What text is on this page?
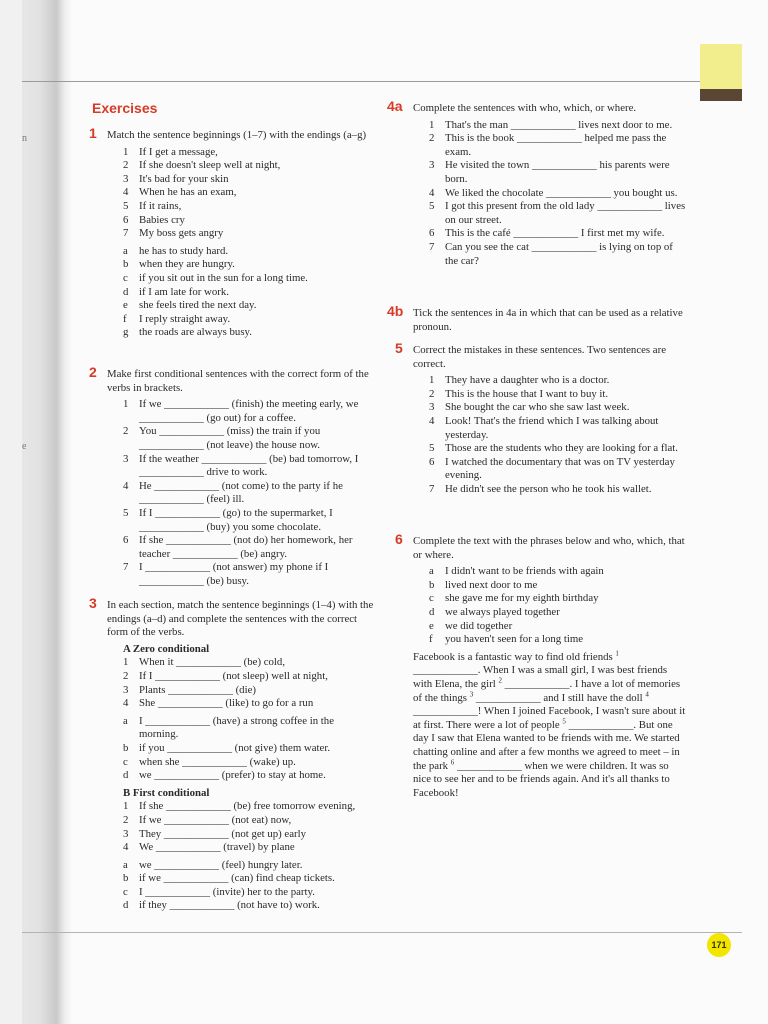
n
e
171
Exercises
1 Match the sentence beginnings (1–7) with the endings (a–g)
1 If I get a message,
2 If she doesn't sleep well at night,
3 It's bad for your skin
4 When he has an exam,
5 If it rains,
6 Babies cry
7 My boss gets angry
a he has to study hard.
b when they are hungry.
c if you sit out in the sun for a long time.
d if I am late for work.
e she feels tired the next day.
f I reply straight away.
g the roads are always busy.
2 Make first conditional sentences with the correct form of the verbs in brackets.
1 If we ____________ (finish) the meeting early, we ____________ (go out) for a coffee.
2 You ____________ (miss) the train if you ____________ (not leave) the house now.
3 If the weather ____________ (be) bad tomorrow, I ____________ drive to work.
4 He ____________ (not come) to the party if he ____________ (feel) ill.
5 If I ____________ (go) to the supermarket, I ____________ (buy) you some chocolate.
6 If she ____________ (not do) her homework, her teacher ____________ (be) angry.
7 I ____________ (not answer) my phone if I ____________ (be) busy.
3 In each section, match the sentence beginnings (1–4) with the endings (a–d) and complete the sentences with the correct form of the verbs.
A Zero conditional
1 When it ____________ (be) cold,
2 If I ____________ (not sleep) well at night,
3 Plants ____________ (die)
4 She ____________ (like) to go for a run
a I ____________ (have) a strong coffee in the morning.
b if you ____________ (not give) them water.
c when she ____________ (wake) up.
d we ____________ (prefer) to stay at home.
B First conditional
1 If she ____________ (be) free tomorrow evening,
2 If we ____________ (not eat) now,
3 They ____________ (not get up) early
4 We ____________ (travel) by plane
a we ____________ (feel) hungry later.
b if we ____________ (can) find cheap tickets.
c I ____________ (invite) her to the party.
d if they ____________ (not have to) work.
4a Complete the sentences with who, which, or where.
1 That's the man ____________ lives next door to me.
2 This is the book ____________ helped me pass the exam.
3 He visited the town ____________ his parents were born.
4 We liked the chocolate ____________ you bought us.
5 I got this present from the old lady ____________ lives on our street.
6 This is the café ____________ I first met my wife.
7 Can you see the cat ____________ is lying on top of the car?
4b Tick the sentences in 4a in which that can be used as a relative pronoun.
5 Correct the mistakes in these sentences. Two sentences are correct.
1 They have a daughter who is a doctor.
2 This is the house that I want to buy it.
3 She bought the car who she saw last week.
4 Look! That's the friend which I was talking about yesterday.
5 Those are the students who they are looking for a flat.
6 I watched the documentary that was on TV yesterday evening.
7 He didn't see the person who he took his wallet.
6 Complete the text with the phrases below and who, which, that or where.
a I didn't want to be friends with again
b lived next door to me
c she gave me for my eighth birthday
d we always played together
e we did together
f you haven't seen for a long time

Facebook is a fantastic way to find old friends $^1$ ____________. When I was a small girl, I was best friends with Elena, the girl $^2$ ____________. I have a lot of memories of the things $^3$ ____________ and I still have the doll $^4$ ____________! When I joined Facebook, I wasn't sure about it at first. There were a lot of people $^5$ ____________. But one day I saw that Elena wanted to be friends with me. We started chatting online and after a few months we agreed to meet – in the park $^6$ ____________ when we were children. It was so nice to see her and to be friends again. And it's all thanks to Facebook!
